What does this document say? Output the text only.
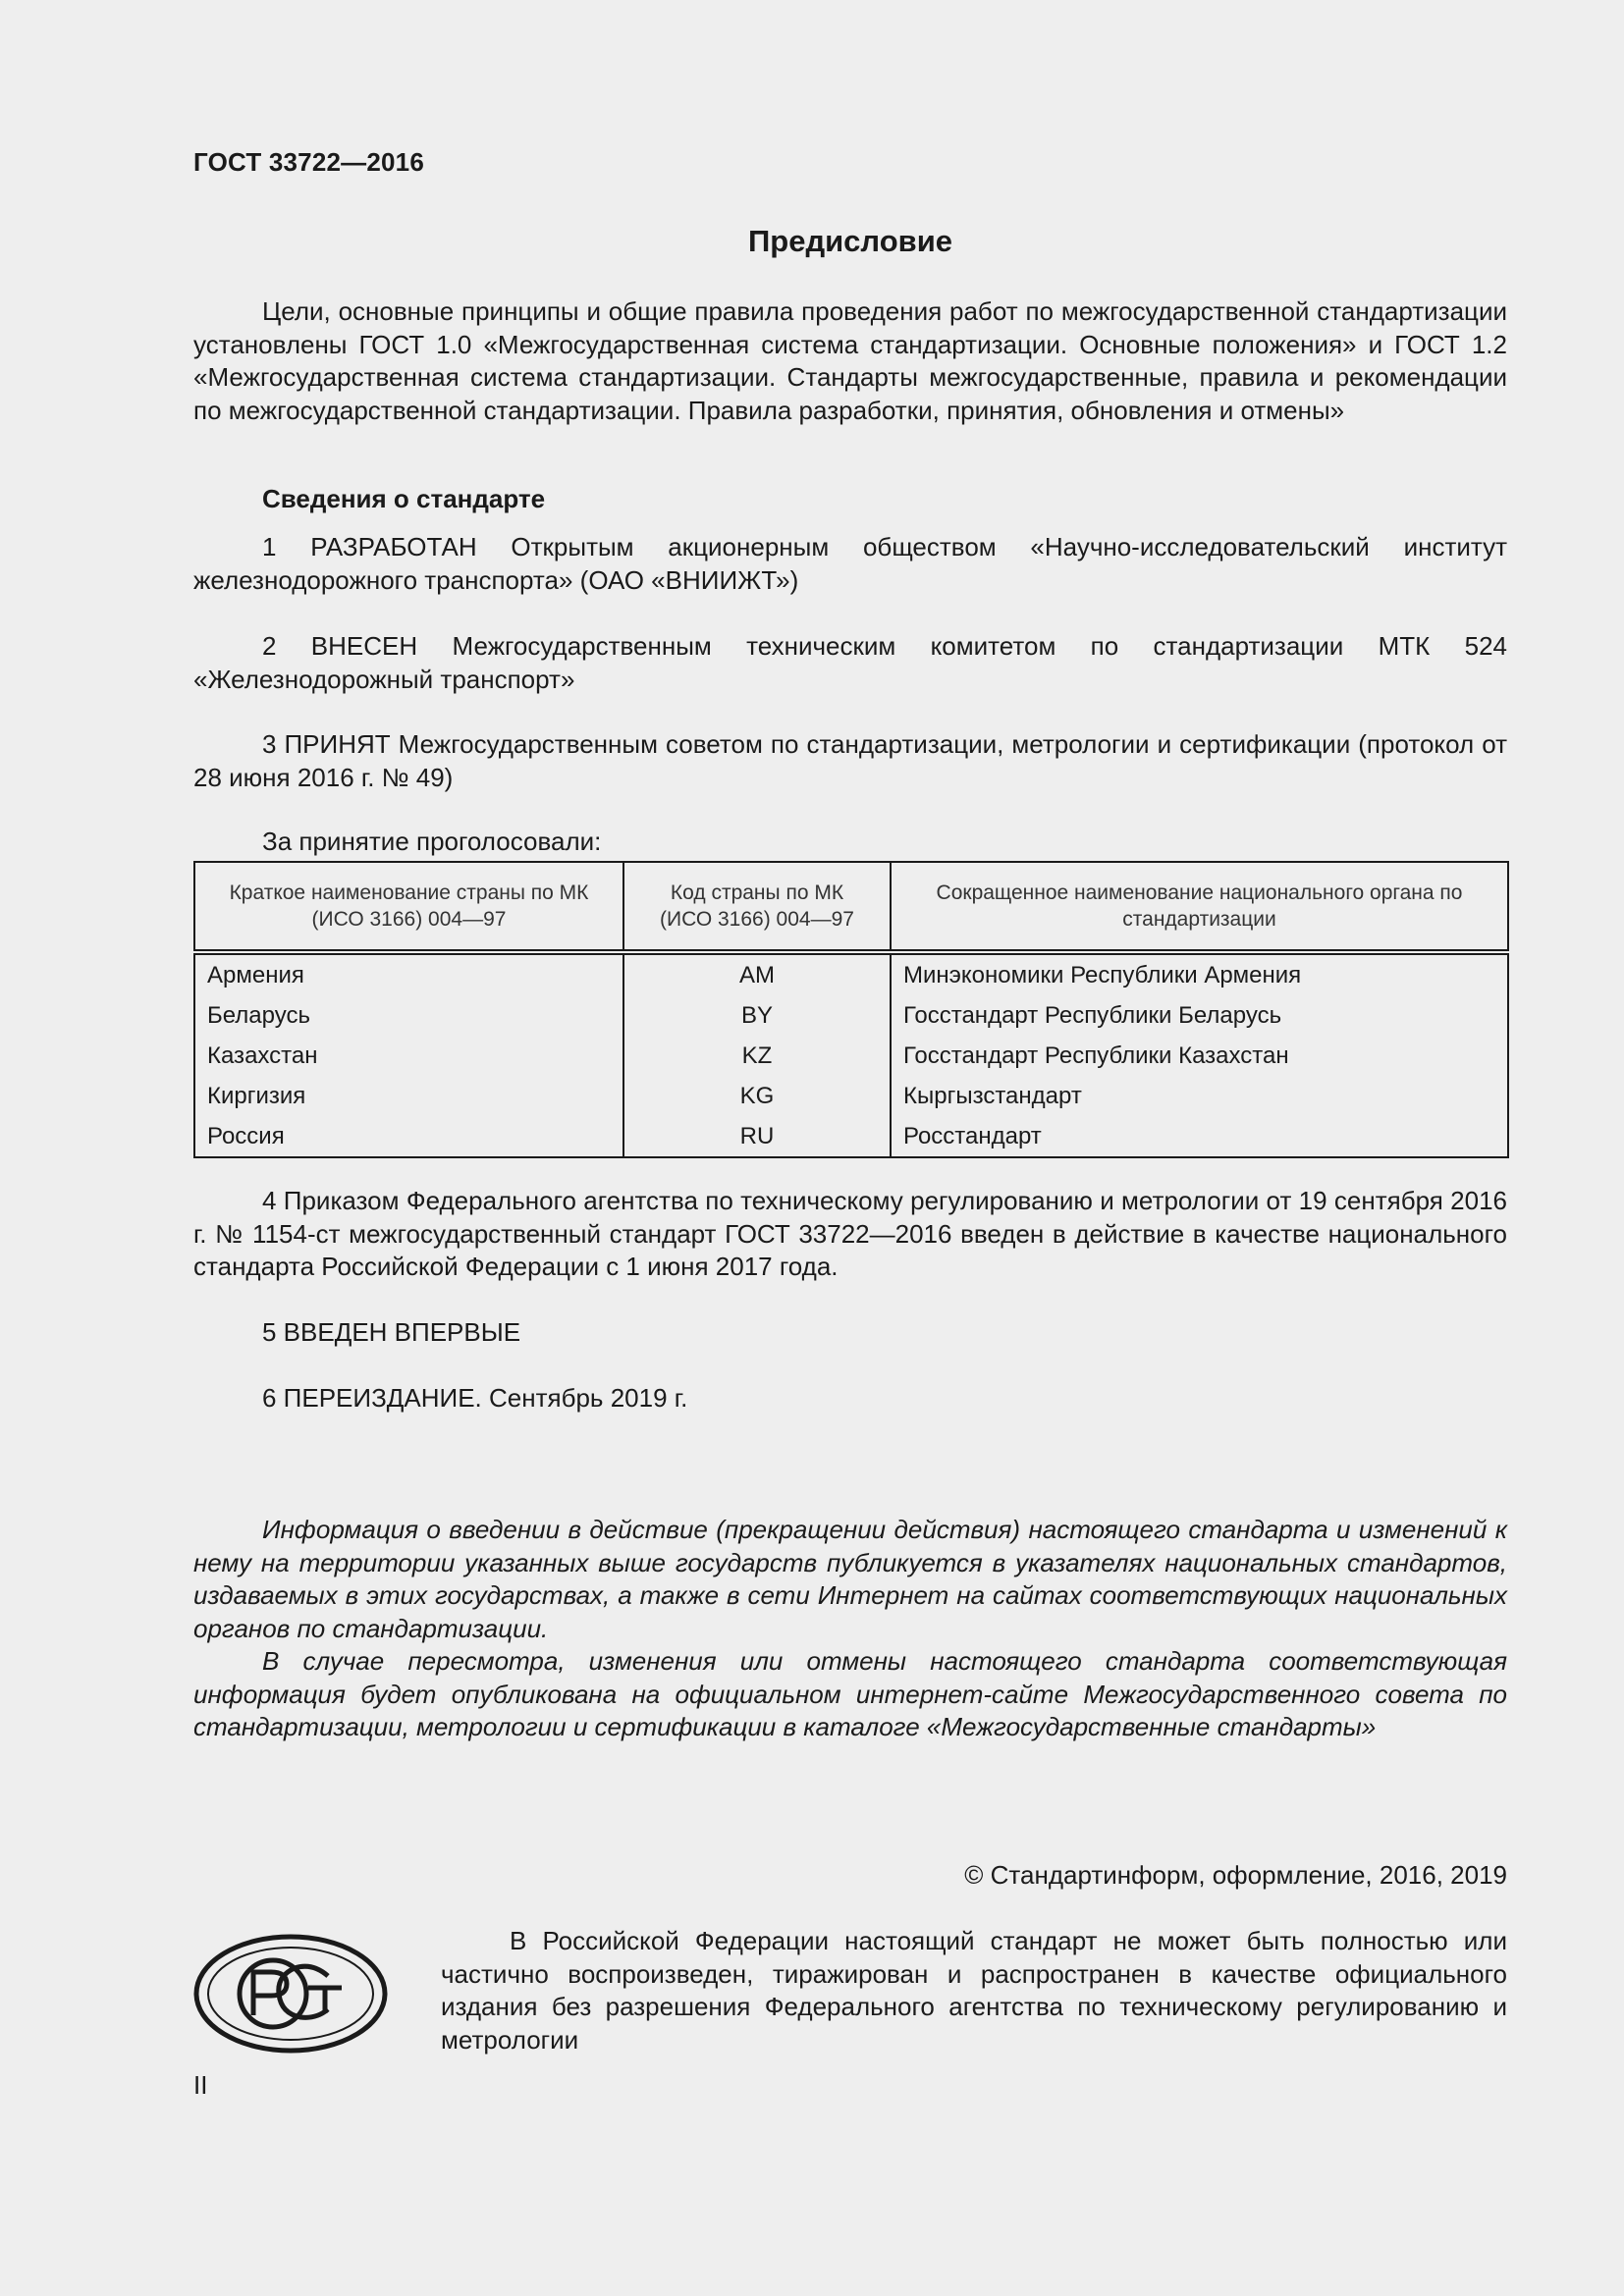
ГОСТ 33722—2016
Предисловие
Цели, основные принципы и общие правила проведения работ по межгосударственной стандартизации установлены ГОСТ 1.0 «Межгосударственная система стандартизации. Основные положения» и ГОСТ 1.2 «Межгосударственная система стандартизации. Стандарты межгосударственные, правила и рекомендации по межгосударственной стандартизации. Правила разработки, принятия, обновления и отмены»
Сведения о стандарте
1 РАЗРАБОТАН Открытым акционерным обществом «Научно-исследовательский институт железнодорожного транспорта» (ОАО «ВНИИЖТ»)
2 ВНЕСЕН Межгосударственным техническим комитетом по стандартизации МТК 524 «Железнодорожный транспорт»
3 ПРИНЯТ Межгосударственным советом по стандартизации, метрологии и сертификации (протокол от 28 июня 2016 г. № 49)
За принятие проголосовали:
Краткое наименование страны по МК (ИСО 3166) 004—97	Код страны по МК (ИСО 3166) 004—97	Сокращенное наименование национального органа по стандартизации
Армения	AM	Минэкономики Республики Армения
Беларусь	BY	Госстандарт Республики Беларусь
Казахстан	KZ	Госстандарт Республики Казахстан
Киргизия	KG	Кыргызстандарт
Россия	RU	Росстандарт
4 Приказом Федерального агентства по техническому регулированию и метрологии от 19 сентября 2016 г. № 1154-ст межгосударственный стандарт ГОСТ 33722—2016 введен в действие в качестве национального стандарта Российской Федерации с 1 июня 2017 года.
5 ВВЕДЕН ВПЕРВЫЕ
6 ПЕРЕИЗДАНИЕ. Сентябрь 2019 г.
Информация о введении в действие (прекращении действия) настоящего стандарта и изменений к нему на территории указанных выше государств публикуется в указателях национальных стандартов, издаваемых в этих государствах, а также в сети Интернет на сайтах соответствующих национальных органов по стандартизации.
В случае пересмотра, изменения или отмены настоящего стандарта соответствующая информация будет опубликована на официальном интернет-сайте Межгосударственного совета по стандартизации, метрологии и сертификации в каталоге «Межгосударственные стандарты»
© Стандартинформ, оформление, 2016, 2019
В Российской Федерации настоящий стандарт не может быть полностью или частично воспроизведен, тиражирован и распространен в качестве официального издания без разрешения Федерального агентства по техническому регулированию и метрологии
II
